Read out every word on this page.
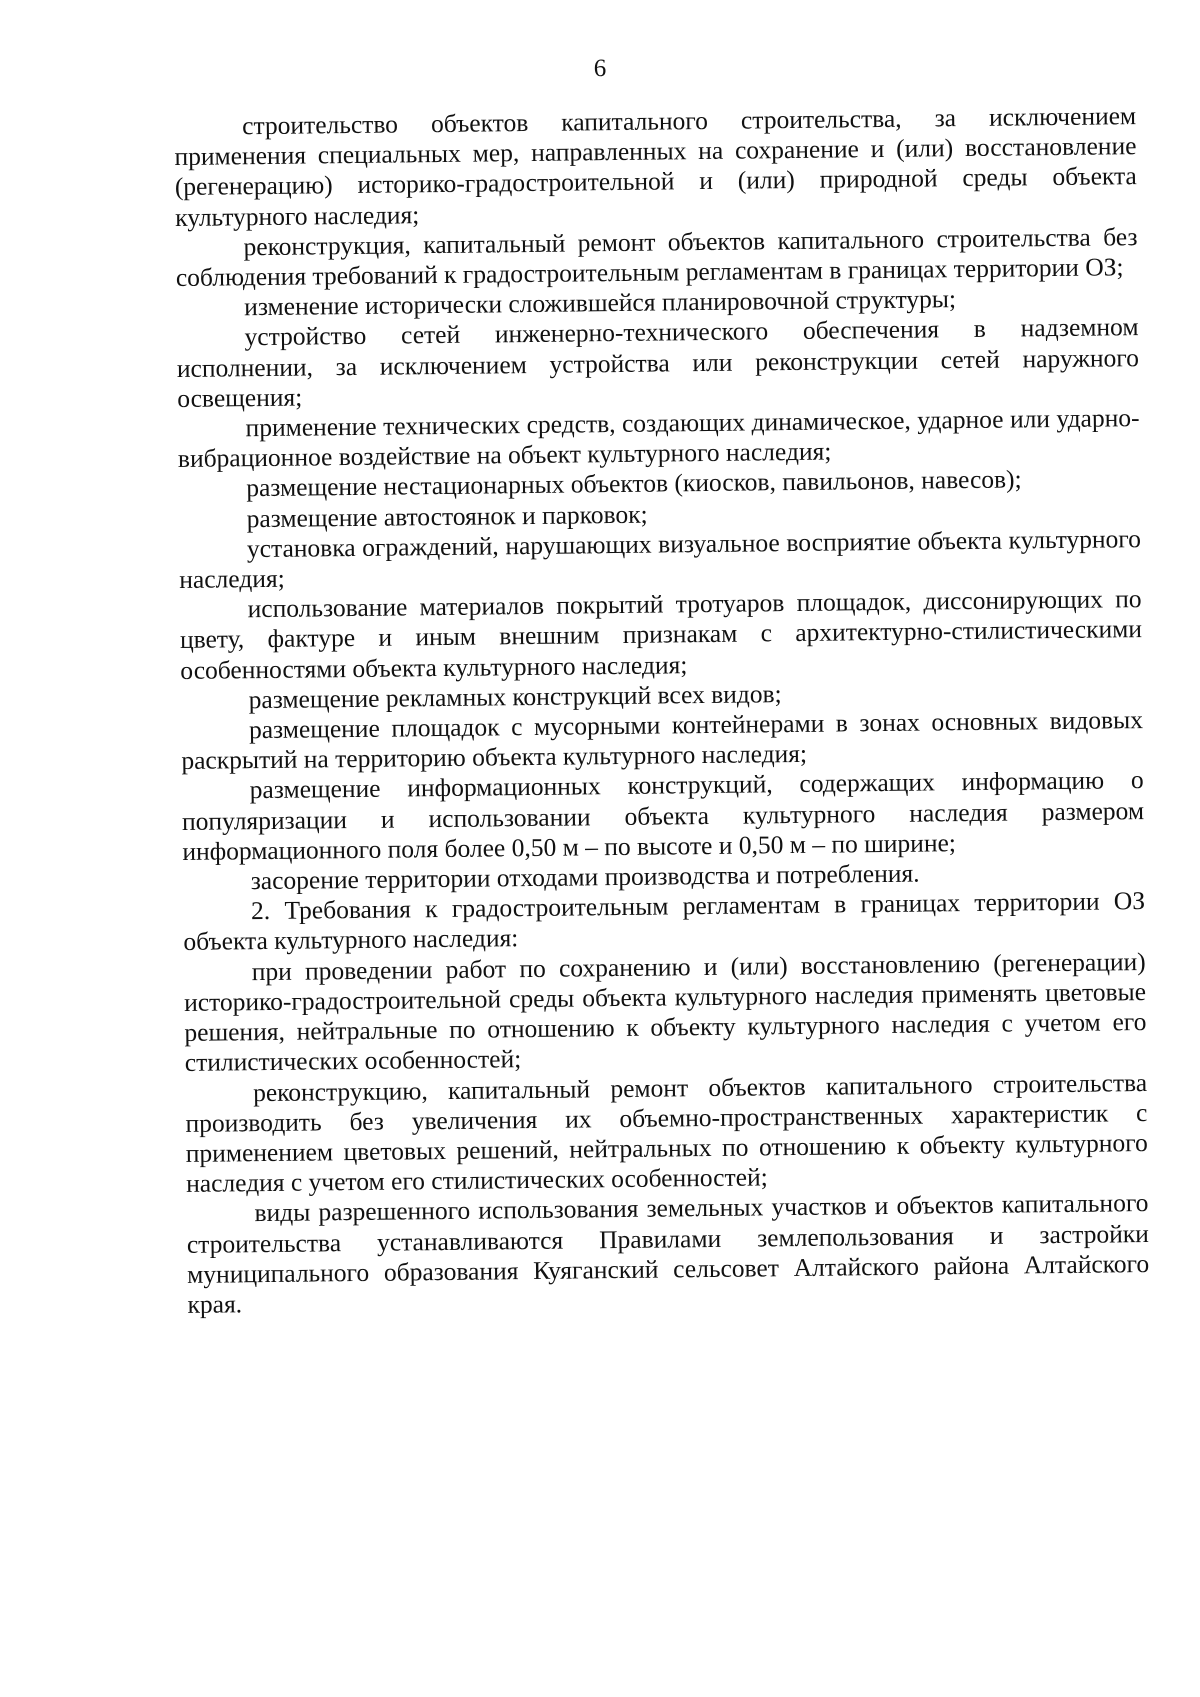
6

строительство объектов капитального строительства, за исключением применения специальных мер, направленных на сохранение и (или) восстановление (регенерацию) историко-градостроительной и (или) природной среды объекта культурного наследия;

реконструкция, капитальный ремонт объектов капитального строительства без соблюдения требований к градостроительным регламентам в границах территории ОЗ;

изменение исторически сложившейся планировочной структуры;

устройство сетей инженерно-технического обеспечения в надземном исполнении, за исключением устройства или реконструкции сетей наружного освещения;

применение технических средств, создающих динамическое, ударное или ударно-вибрационное воздействие на объект культурного наследия;

размещение нестационарных объектов (киосков, павильонов, навесов);

размещение автостоянок и парковок;

установка ограждений, нарушающих визуальное восприятие объекта культурного наследия;

использование материалов покрытий тротуаров площадок, диссонирующих по цвету, фактуре и иным внешним признакам с архитектурно-стилистическими особенностями объекта культурного наследия;

размещение рекламных конструкций всех видов;

размещение площадок с мусорными контейнерами в зонах основных видовых раскрытий на территорию объекта культурного наследия;

размещение информационных конструкций, содержащих информацию о популяризации и использовании объекта культурного наследия размером информационного поля более 0,50 м – по высоте и 0,50 м – по ширине;

засорение территории отходами производства и потребления.

2. Требования к градостроительным регламентам в границах территории ОЗ объекта культурного наследия:

при проведении работ по сохранению и (или) восстановлению (регенерации) историко-градостроительной среды объекта культурного наследия применять цветовые решения, нейтральные по отношению к объекту культурного наследия с учетом его стилистических особенностей;

реконструкцию, капитальный ремонт объектов капитального строительства производить без увеличения их объемно-пространственных характеристик с применением цветовых решений, нейтральных по отношению к объекту культурного наследия с учетом его стилистических особенностей;

виды разрешенного использования земельных участков и объектов капитального строительства устанавливаются Правилами землепользования и застройки муниципального образования Куяганский сельсовет Алтайского района Алтайского края.
